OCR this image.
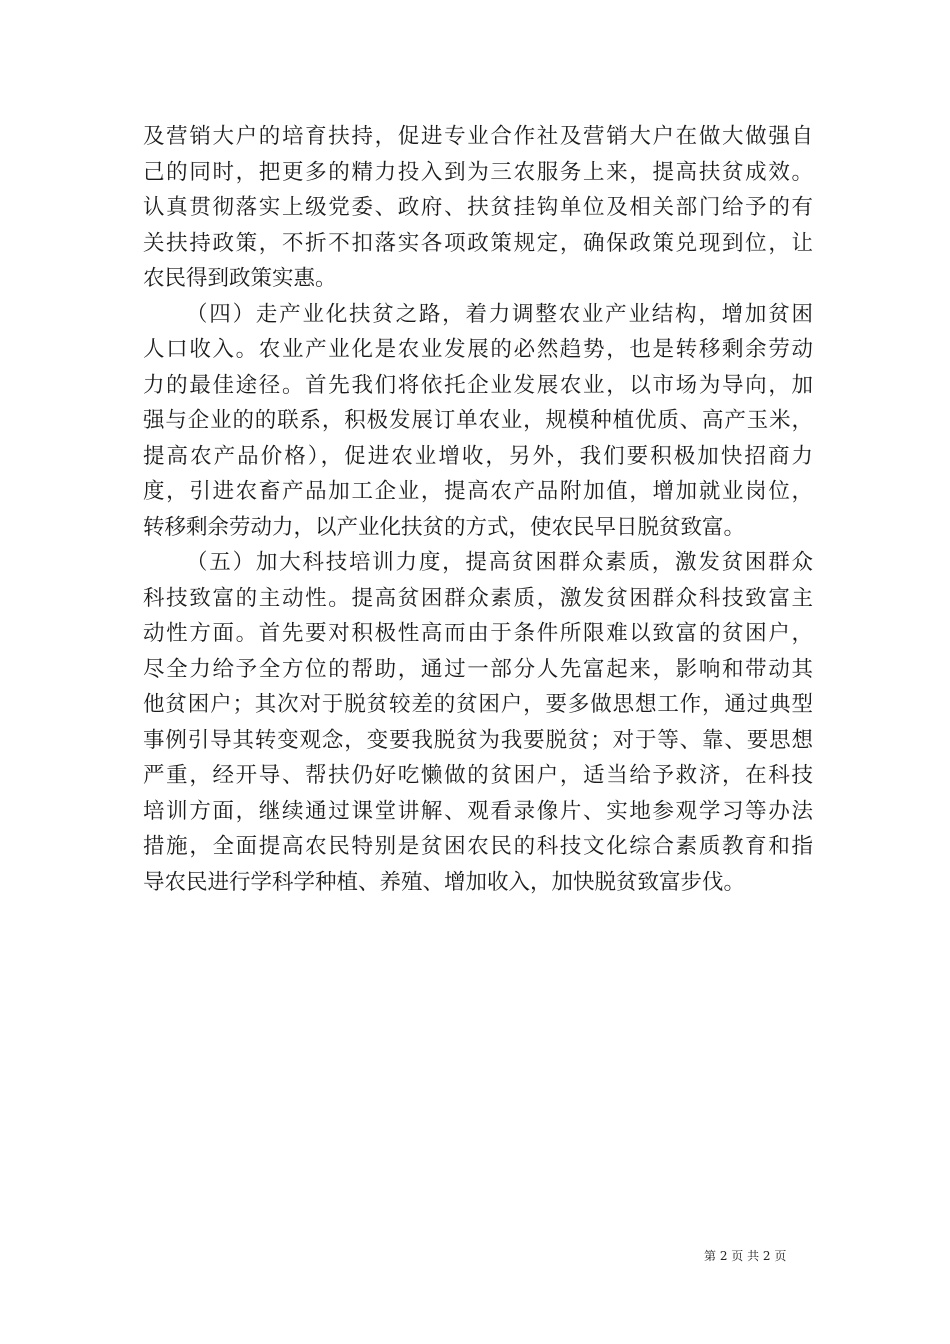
及营销大户的培育扶持，促进专业合作社及营销大户在做大做强自
己的同时，把更多的精力投入到为三农服务上来，提高扶贫成效。
认真贯彻落实上级党委、政府、扶贫挂钩单位及相关部门给予的有
关扶持政策，不折不扣落实各项政策规定，确保政策兑现到位，让
农民得到政策实惠。
（四）走产业化扶贫之路，着力调整农业产业结构，增加贫困
人口收入。农业产业化是农业发展的必然趋势，也是转移剩余劳动
力的最佳途径。首先我们将依托企业发展农业，以市场为导向，加
强与企业的的联系，积极发展订单农业，规模种植优质、高产玉米，
提高农产品价格），促进农业增收，另外，我们要积极加快招商力
度，引进农畜产品加工企业，提高农产品附加值，增加就业岗位，
转移剩余劳动力，以产业化扶贫的方式，使农民早日脱贫致富。
（五）加大科技培训力度，提高贫困群众素质，激发贫困群众
科技致富的主动性。提高贫困群众素质，激发贫困群众科技致富主
动性方面。首先要对积极性高而由于条件所限难以致富的贫困户，
尽全力给予全方位的帮助，通过一部分人先富起来，影响和带动其
他贫困户；其次对于脱贫较差的贫困户，要多做思想工作，通过典型
事例引导其转变观念，变要我脱贫为我要脱贫；对于等、靠、要思想
严重，经开导、帮扶仍好吃懒做的贫困户，适当给予救济，在科技
培训方面，继续通过课堂讲解、观看录像片、实地参观学习等办法
措施，全面提高农民特别是贫困农民的科技文化综合素质教育和指
导农民进行学科学种植、养殖、增加收入，加快脱贫致富步伐。
第 2 页 共 2 页
